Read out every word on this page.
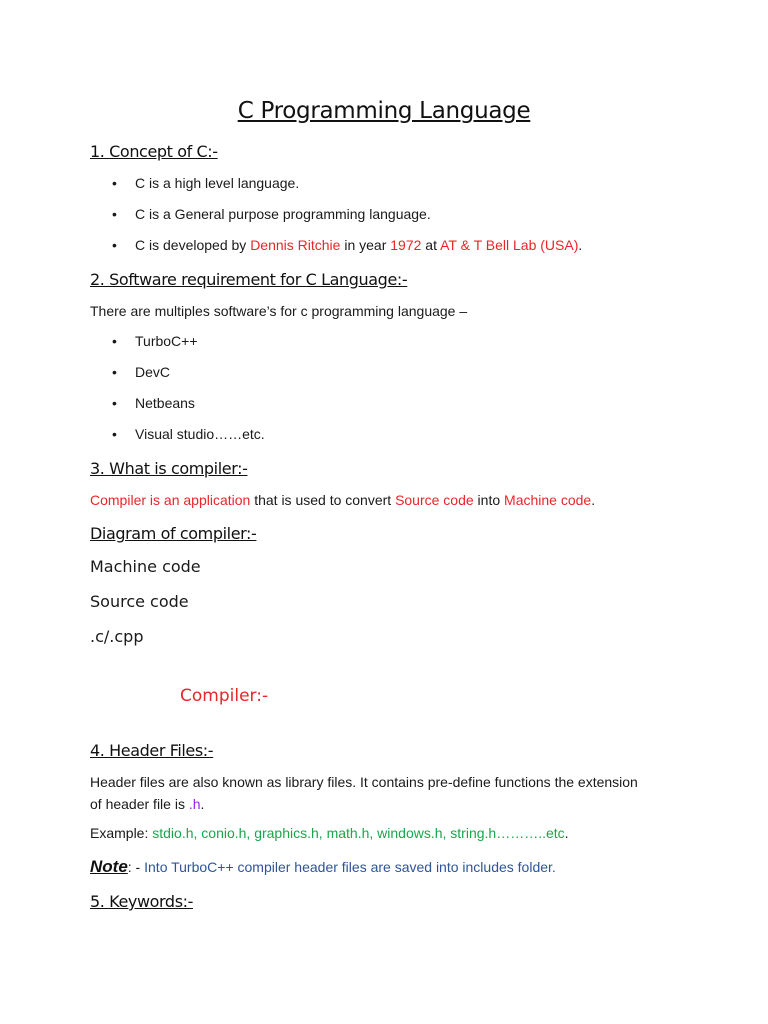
C Programming Language
1. Concept of C:-
• C is a high level language.
• C is a General purpose programming language.
• C is developed by Dennis Ritchie in year 1972 at AT & T Bell Lab (USA).
2. Software requirement for C Language:-
There are multiples software’s for c programming language –
• TurboC++
• DevC
• Netbeans
• Visual studio……etc.
3. What is compiler:-
Compiler is an application that is used to convert Source code into Machine code.
Diagram of compiler:-
Machine code
Source code
.c/.cpp
Compiler:-
4. Header Files:-
Header files are also known as library files. It contains pre-define functions the extension
of header file is .h.
Example: stdio.h, conio.h, graphics.h, math.h, windows.h, string.h………..etc.
Note: - Into TurboC++ compiler header files are saved into includes folder.
5. Keywords:-
